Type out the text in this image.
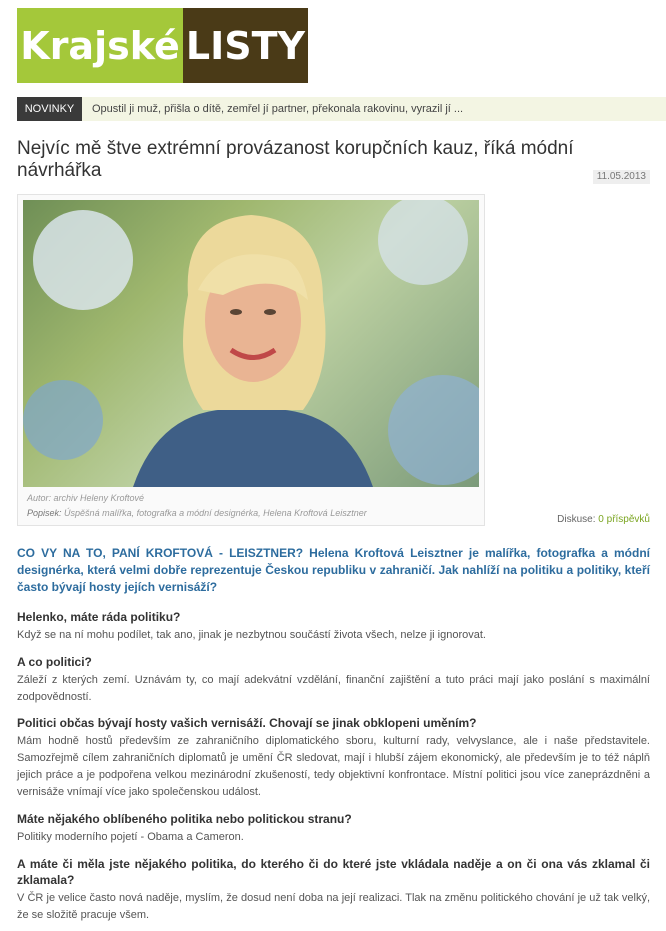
Krajské LISTY
NOVINKY	Opustil ji muž, přišla o dítě, zemřel jí partner, překonala rakovinu, vyrazil jí ...
Nejvíc mě štve extrémní provázanost korupčních kauz, říká módní návrhářka	11.05.2013
Autor: archiv Heleny Kroftové
Popisek: Úspěšná malířka, fotografka a módní designérka, Helena Kroftová Leisztner
Diskuse: 0 příspěvků

CO VY NA TO, PANÍ KROFTOVÁ - LEISZTNER? Helena Kroftová Leisztner je malířka, fotografka a módní designérka, která velmi dobře reprezentuje Českou republiku v zahraničí. Jak nahlíží na politiku a politiky, kteří často bývají hosty jejích vernisáží?

Helenko, máte ráda politiku?

Když se na ní mohu podílet, tak ano, jinak je nezbytnou součástí života všech, nelze ji ignorovat.

A co politici?

Záleží z kterých zemí. Uznávám ty, co mají adekvátní vzdělání, finanční zajištění a tuto práci mají jako poslání s maximální zodpovědností.

Politici občas bývají hosty vašich vernisáží. Chovají se jinak obklopeni uměním?

Mám hodně hostů především ze zahraničního diplomatického sboru, kulturní rady, velvyslance, ale i naše představitele. Samozřejmě cílem zahraničních diplomatů je umění ČR sledovat, mají i hlubší zájem ekonomický, ale především je to též náplň jejich práce a je podpořena velkou mezinárodní zkušeností, tedy objektivní konfrontace. Místní politici jsou více zaneprázdněni a vernisáže vnímají více jako společenskou událost.

Máte nějakého oblíbeného politika nebo politickou stranu?

Politiky moderního pojetí - Obama a Cameron.

A máte či měla jste nějakého politika, do kterého či do které jste vkládala naděje a on či ona vás zklamal či zklamala?

V ČR je velice často nová naděje, myslím, že dosud není doba na její realizaci. Tlak na změnu politického chování je už tak velký, že se složitě pracuje všem.
